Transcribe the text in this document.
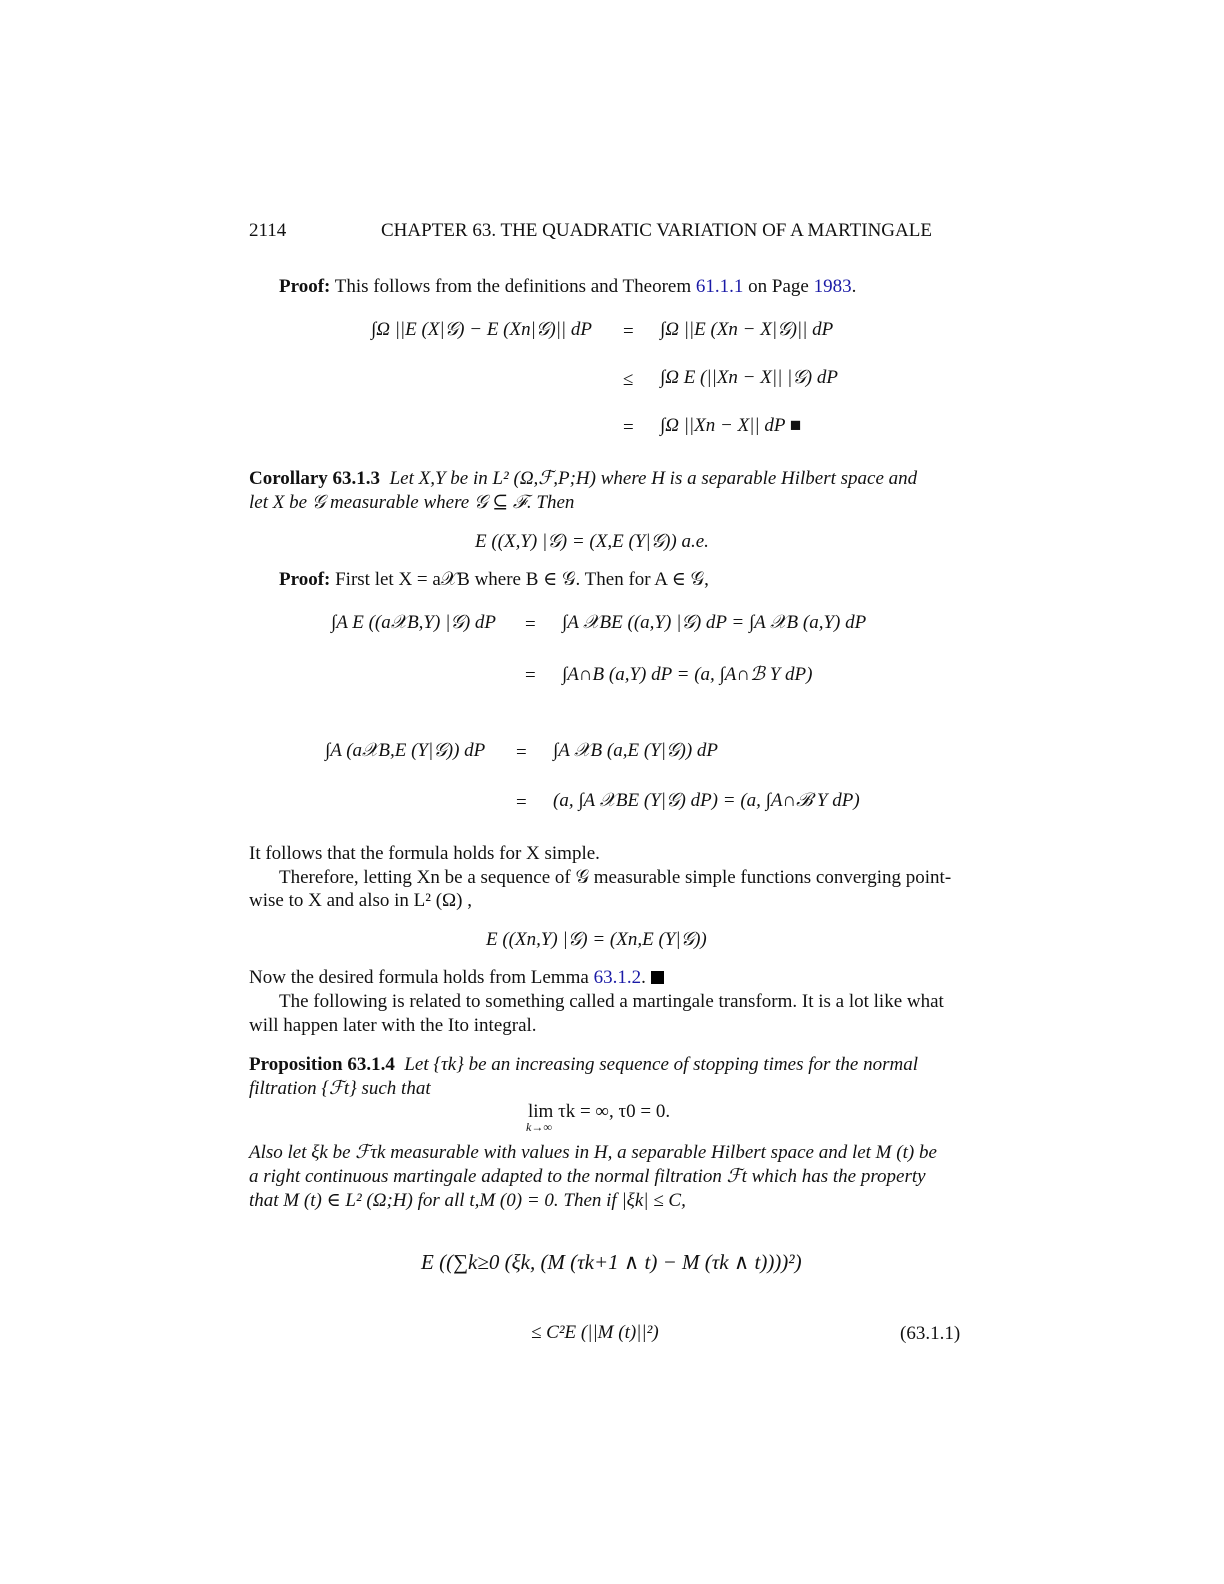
2114	CHAPTER 63. THE QUADRATIC VARIATION OF A MARTINGALE
Proof: This follows from the definitions and Theorem 61.1.1 on Page 1983.
∫Ω ||E (X|𝒢) − E (Xn|𝒢)|| dP = ∫Ω ||E (Xn − X|𝒢)|| dP
≤ ∫Ω E (||Xn − X|| |𝒢) dP
= ∫Ω ||Xn − X|| dP ■
Corollary 63.1.3 Let X,Y be in L² (Ω,ℱ,P;H) where H is a separable Hilbert space and
let X be 𝒢 measurable where 𝒢 ⊆ ℱ. Then
E ((X,Y) |𝒢) = (X,E (Y|𝒢)) a.e.
Proof: First let X = a𝒳B where B ∈ 𝒢. Then for A ∈ 𝒢,
∫A E ((a𝒳B,Y) |𝒢) dP = ∫A 𝒳BE ((a,Y) |𝒢) dP = ∫A 𝒳B (a,Y) dP
= ∫A∩B (a,Y) dP = (a, ∫A∩ℬ Y dP)
∫A (a𝒳B,E (Y|𝒢)) dP = ∫A 𝒳B (a,E (Y|𝒢)) dP
= (a, ∫A 𝒳BE (Y|𝒢) dP) = (a, ∫A∩ℬ Y dP)
It follows that the formula holds for X simple.
Therefore, letting Xn be a sequence of 𝒢 measurable simple functions converging point-
wise to X and also in L² (Ω) ,
E ((Xn,Y) |𝒢) = (Xn,E (Y|𝒢))
Now the desired formula holds from Lemma 63.1.2.
The following is related to something called a martingale transform. It is a lot like what
will happen later with the Ito integral.
Proposition 63.1.4 Let {τk} be an increasing sequence of stopping times for the normal
filtration {ℱt} such that
lim τk = ∞, τ0 = 0.
k→∞
Also let ξk be ℱτk measurable with values in H, a separable Hilbert space and let M (t) be
a right continuous martingale adapted to the normal filtration ℱt which has the property
that M (t) ∈ L² (Ω;H) for all t,M (0) = 0. Then if |ξk| ≤ C,
E ((∑k≥0 (ξk, (M (τk+1 ∧ t) − M (τk ∧ t))))²)
≤ C²E (||M (t)||²)	(63.1.1)
